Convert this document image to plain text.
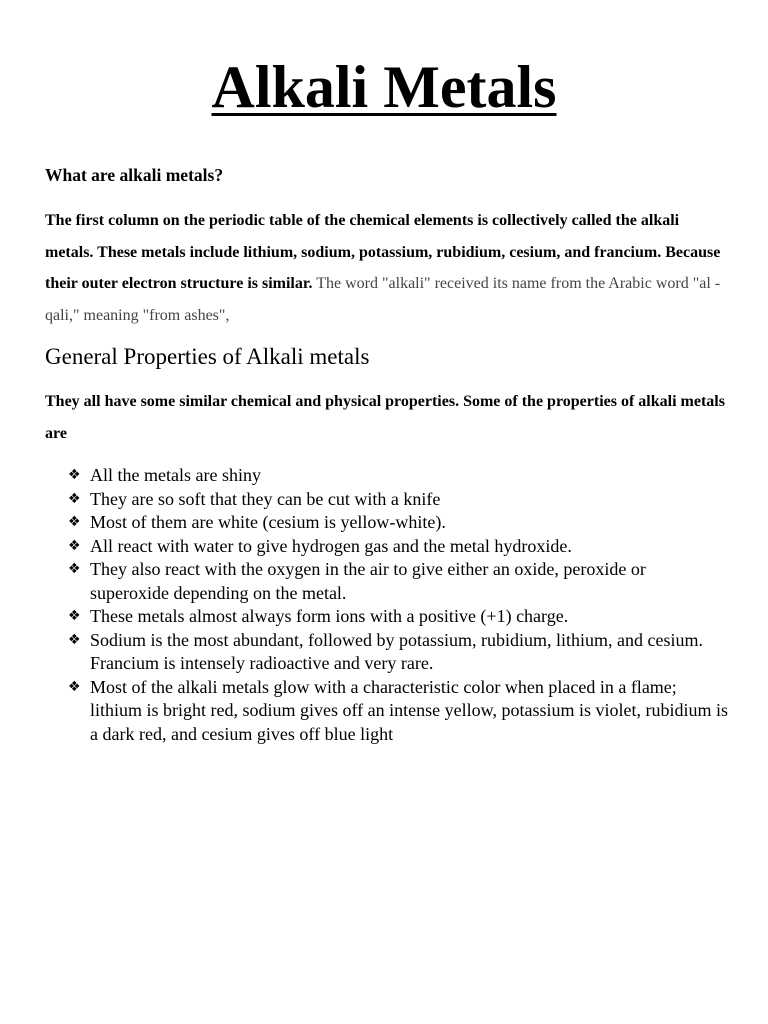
Alkali Metals
What are alkali metals?

The first column on the periodic table of the chemical elements is collectively called the alkali metals. These metals include lithium, sodium, potassium, rubidium, cesium, and francium. Because their outer electron structure is similar. The word "alkali" received its name from the Arabic word "al -qali," meaning "from ashes",

General Properties of Alkali metals

They all have some similar chemical and physical properties. Some of the properties of alkali metals are

❖ All the metals are shiny
❖ They are so soft that they can be cut with a knife
❖ Most of them are white (cesium is yellow-white).
❖ All react with water to give hydrogen gas and the metal hydroxide.
❖ They also react with the oxygen in the air to give either an oxide, peroxide or superoxide depending on the metal.
❖ These metals almost always form ions with a positive (+1) charge.
❖ Sodium is the most abundant, followed by potassium, rubidium, lithium, and cesium. Francium is intensely radioactive and very rare.
❖ Most of the alkali metals glow with a characteristic color when placed in a flame; lithium is bright red, sodium gives off an intense yellow, potassium is violet, rubidium is a dark red, and cesium gives off blue light
